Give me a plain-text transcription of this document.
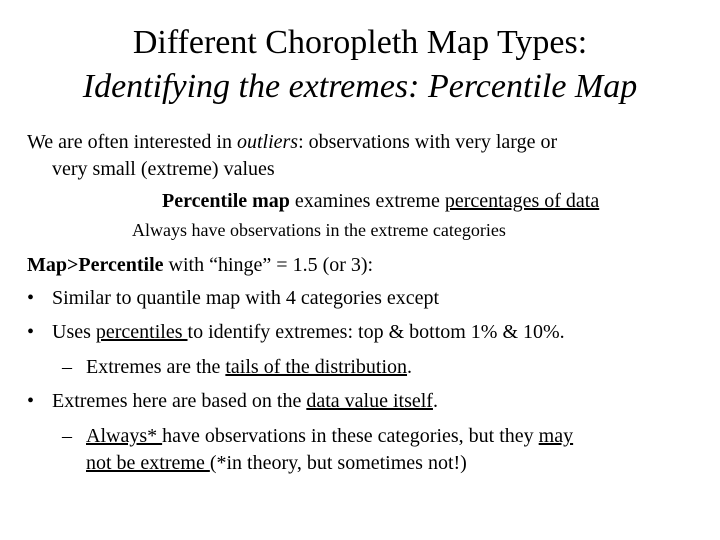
Different Choropleth Map Types:
Identifying the extremes: Percentile Map
We are often interested in outliers: observations with very large or
very small (extreme) values
Percentile map examines extreme percentages of data
Always have observations in the extreme categories
Map>Percentile with “hinge” = 1.5 (or 3):
• Similar to quantile map with 4 categories except
• Uses percentiles to identify extremes: top & bottom 1% & 10%.
– Extremes are the tails of the distribution.
• Extremes here are based on the data value itself.
– Always* have observations in these categories, but they may
not be extreme (*in theory, but sometimes not!)
